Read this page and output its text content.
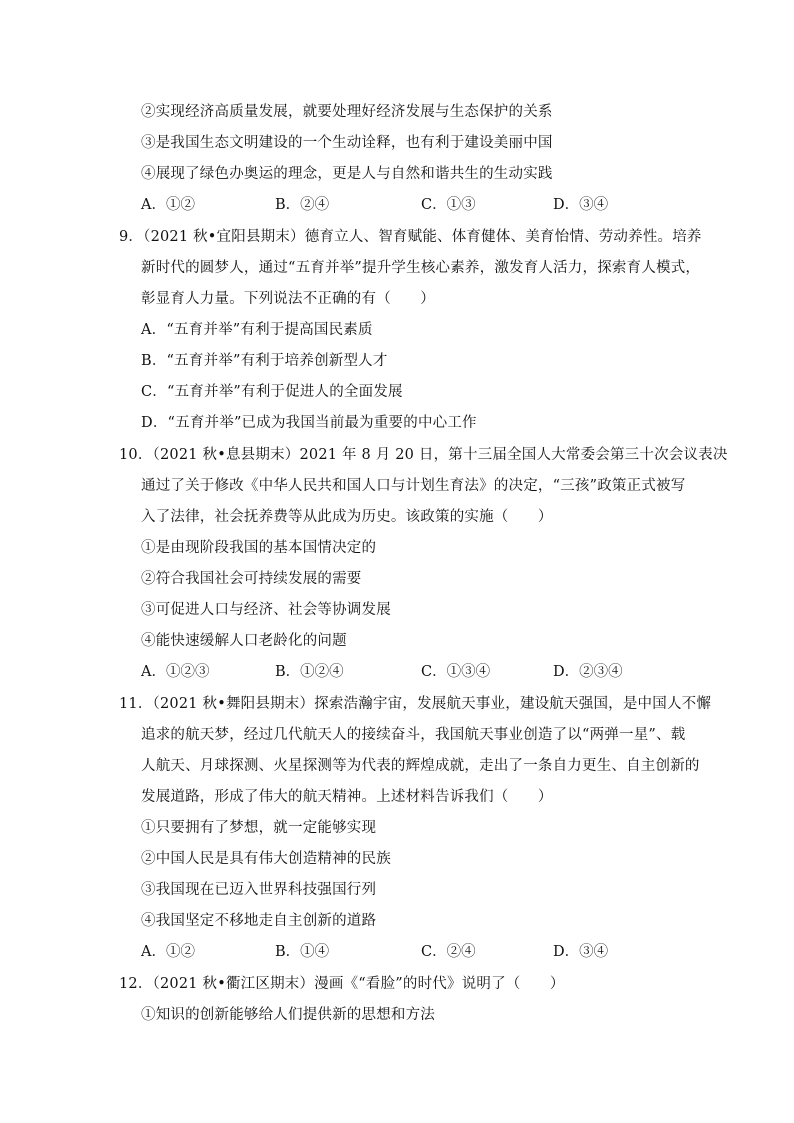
②实现经济高质量发展，就要处理好经济发展与生态保护的关系
③是我国生态文明建设的一个生动诠释，也有利于建设美丽中国
④展现了绿色办奥运的理念，更是人与自然和谐共生的生动实践
A．①②	B．②④	C．①③	D．③④
9．（2021 秋•宜阳县期末）德育立人、智育赋能、体育健体、美育怡情、劳动养性。培养
新时代的圆梦人，通过“五育并举”提升学生核心素养，激发育人活力，探索育人模式，
彰显育人力量。下列说法不正确的有（　　）
A．“五育并举”有利于提高国民素质
B．“五育并举”有利于培养创新型人才
C．“五育并举”有利于促进人的全面发展
D．“五育并举”已成为我国当前最为重要的中心工作
10．（2021 秋•息县期末）2021 年 8 月 20 日，第十三届全国人大常委会第三十次会议表决
通过了关于修改《中华人民共和国人口与计划生育法》的决定，“三孩”政策正式被写
入了法律，社会抚养费等从此成为历史。该政策的实施（　　）
①是由现阶段我国的基本国情决定的
②符合我国社会可持续发展的需要
③可促进人口与经济、社会等协调发展
④能快速缓解人口老龄化的问题
A．①②③	B．①②④	C．①③④	D．②③④
11．（2021 秋•舞阳县期末）探索浩瀚宇宙，发展航天事业，建设航天强国，是中国人不懈
追求的航天梦，经过几代航天人的接续奋斗，我国航天事业创造了以“两弹一星”、载
人航天、月球探测、火星探测等为代表的辉煌成就，走出了一条自力更生、自主创新的
发展道路，形成了伟大的航天精神。上述材料告诉我们（　　）
①只要拥有了梦想，就一定能够实现
②中国人民是具有伟大创造精神的民族
③我国现在已迈入世界科技强国行列
④我国坚定不移地走自主创新的道路
A．①②	B．①④	C．②④	D．③④
12．（2021 秋•衢江区期末）漫画《“看脸”的时代》说明了（　　）
①知识的创新能够给人们提供新的思想和方法
